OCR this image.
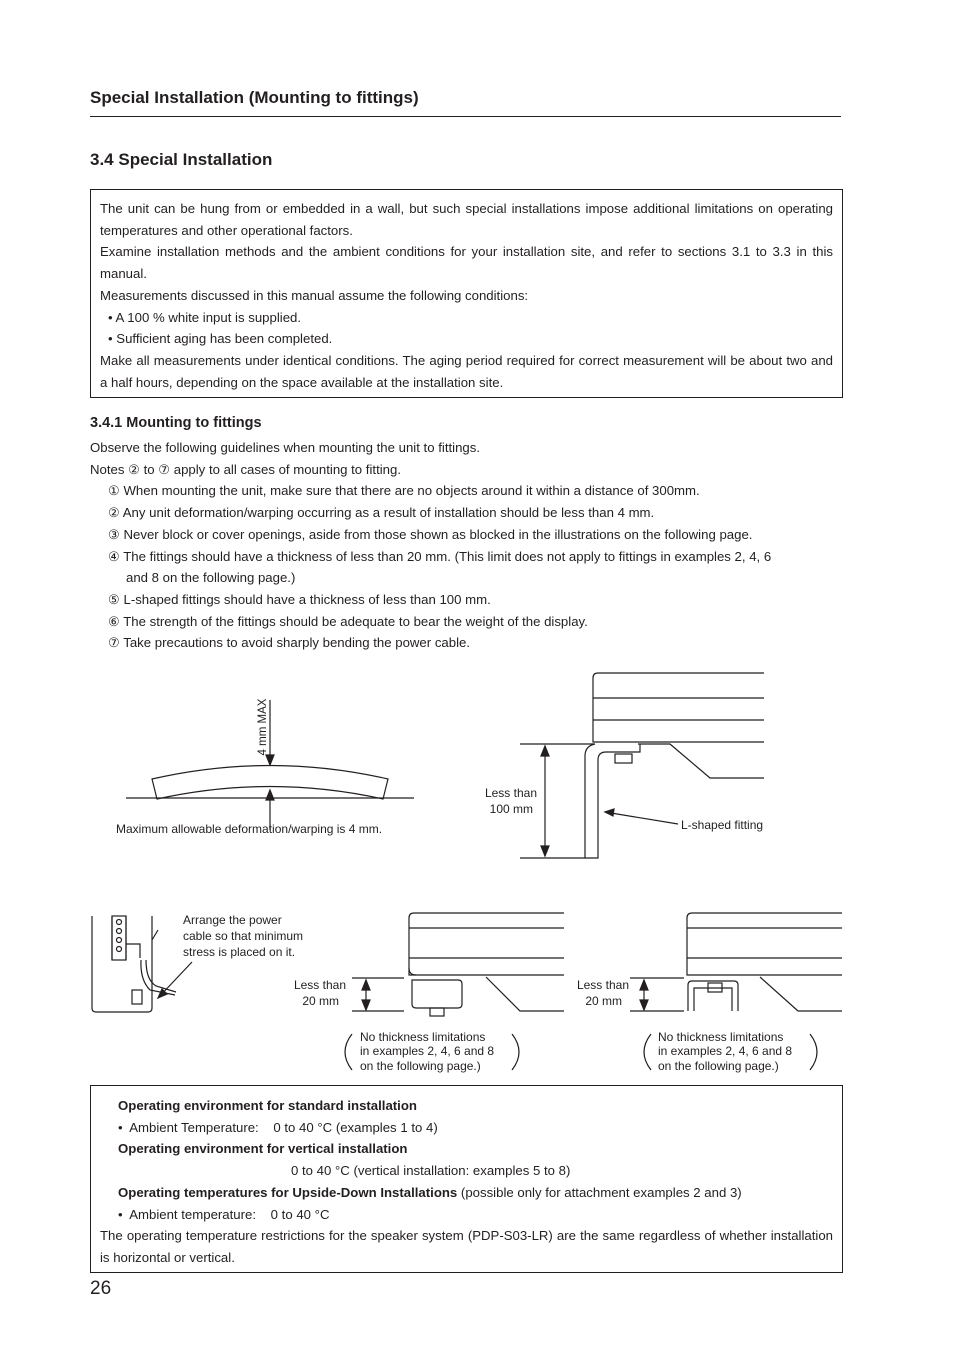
Special Installation (Mounting to fittings)
3.4 Special Installation

The unit can be hung from or embedded in a wall, but such special installations impose additional limitations on operating temperatures and other operational factors.

Examine installation methods and the ambient conditions for your installation site, and refer to sections 3.1 to 3.3 in this manual.

Measurements discussed in this manual assume the following conditions:

• A 100 % white input is supplied.

• Sufficient aging has been completed.

Make all measurements under identical conditions. The aging period required for correct measurement will be about two and a half hours, depending on the space available at the installation site.

3.4.1 Mounting to fittings

Observe the following guidelines when mounting the unit to fittings.

Notes ② to ⑦ apply to all cases of mounting to fitting.

① When mounting the unit, make sure that there are no objects around it within a distance of 300mm.

② Any unit deformation/warping occurring as a result of installation should be less than 4 mm.

③ Never block or cover openings, aside from those shown as blocked in the illustrations on the following page.

④ The fittings should have a thickness of less than 20 mm. (This limit does not apply to fittings in examples 2, 4, 6

and 8 on the following page.)

⑤ L-shaped fittings should have a thickness of less than 100 mm.

⑥ The strength of the fittings should be adequate to bear the weight of the display.

⑦ Take precautions to avoid sharply bending the power cable.

4 mm MAX
Maximum allowable deformation/warping is 4 mm.
Less than
100 mm
L-shaped fitting
Arrange the power
cable so that minimum
stress is placed on it.
Less than
20 mm
Less than
20 mm
No thickness limitations
in examples 2, 4, 6 and 8
on the following page.)
No thickness limitations
in examples 2, 4, 6 and 8
on the following page.)

Operating environment for standard installation

•  Ambient Temperature:    0 to 40 °C (examples 1 to 4)

Operating environment for vertical installation

0 to 40 °C (vertical installation: examples 5 to 8)

Operating temperatures for Upside-Down Installations (possible only for attachment examples 2 and 3)

•  Ambient temperature:    0 to 40 °C

The operating temperature restrictions for the speaker system (PDP-S03-LR) are the same regardless of whether installation is horizontal or vertical.

26
